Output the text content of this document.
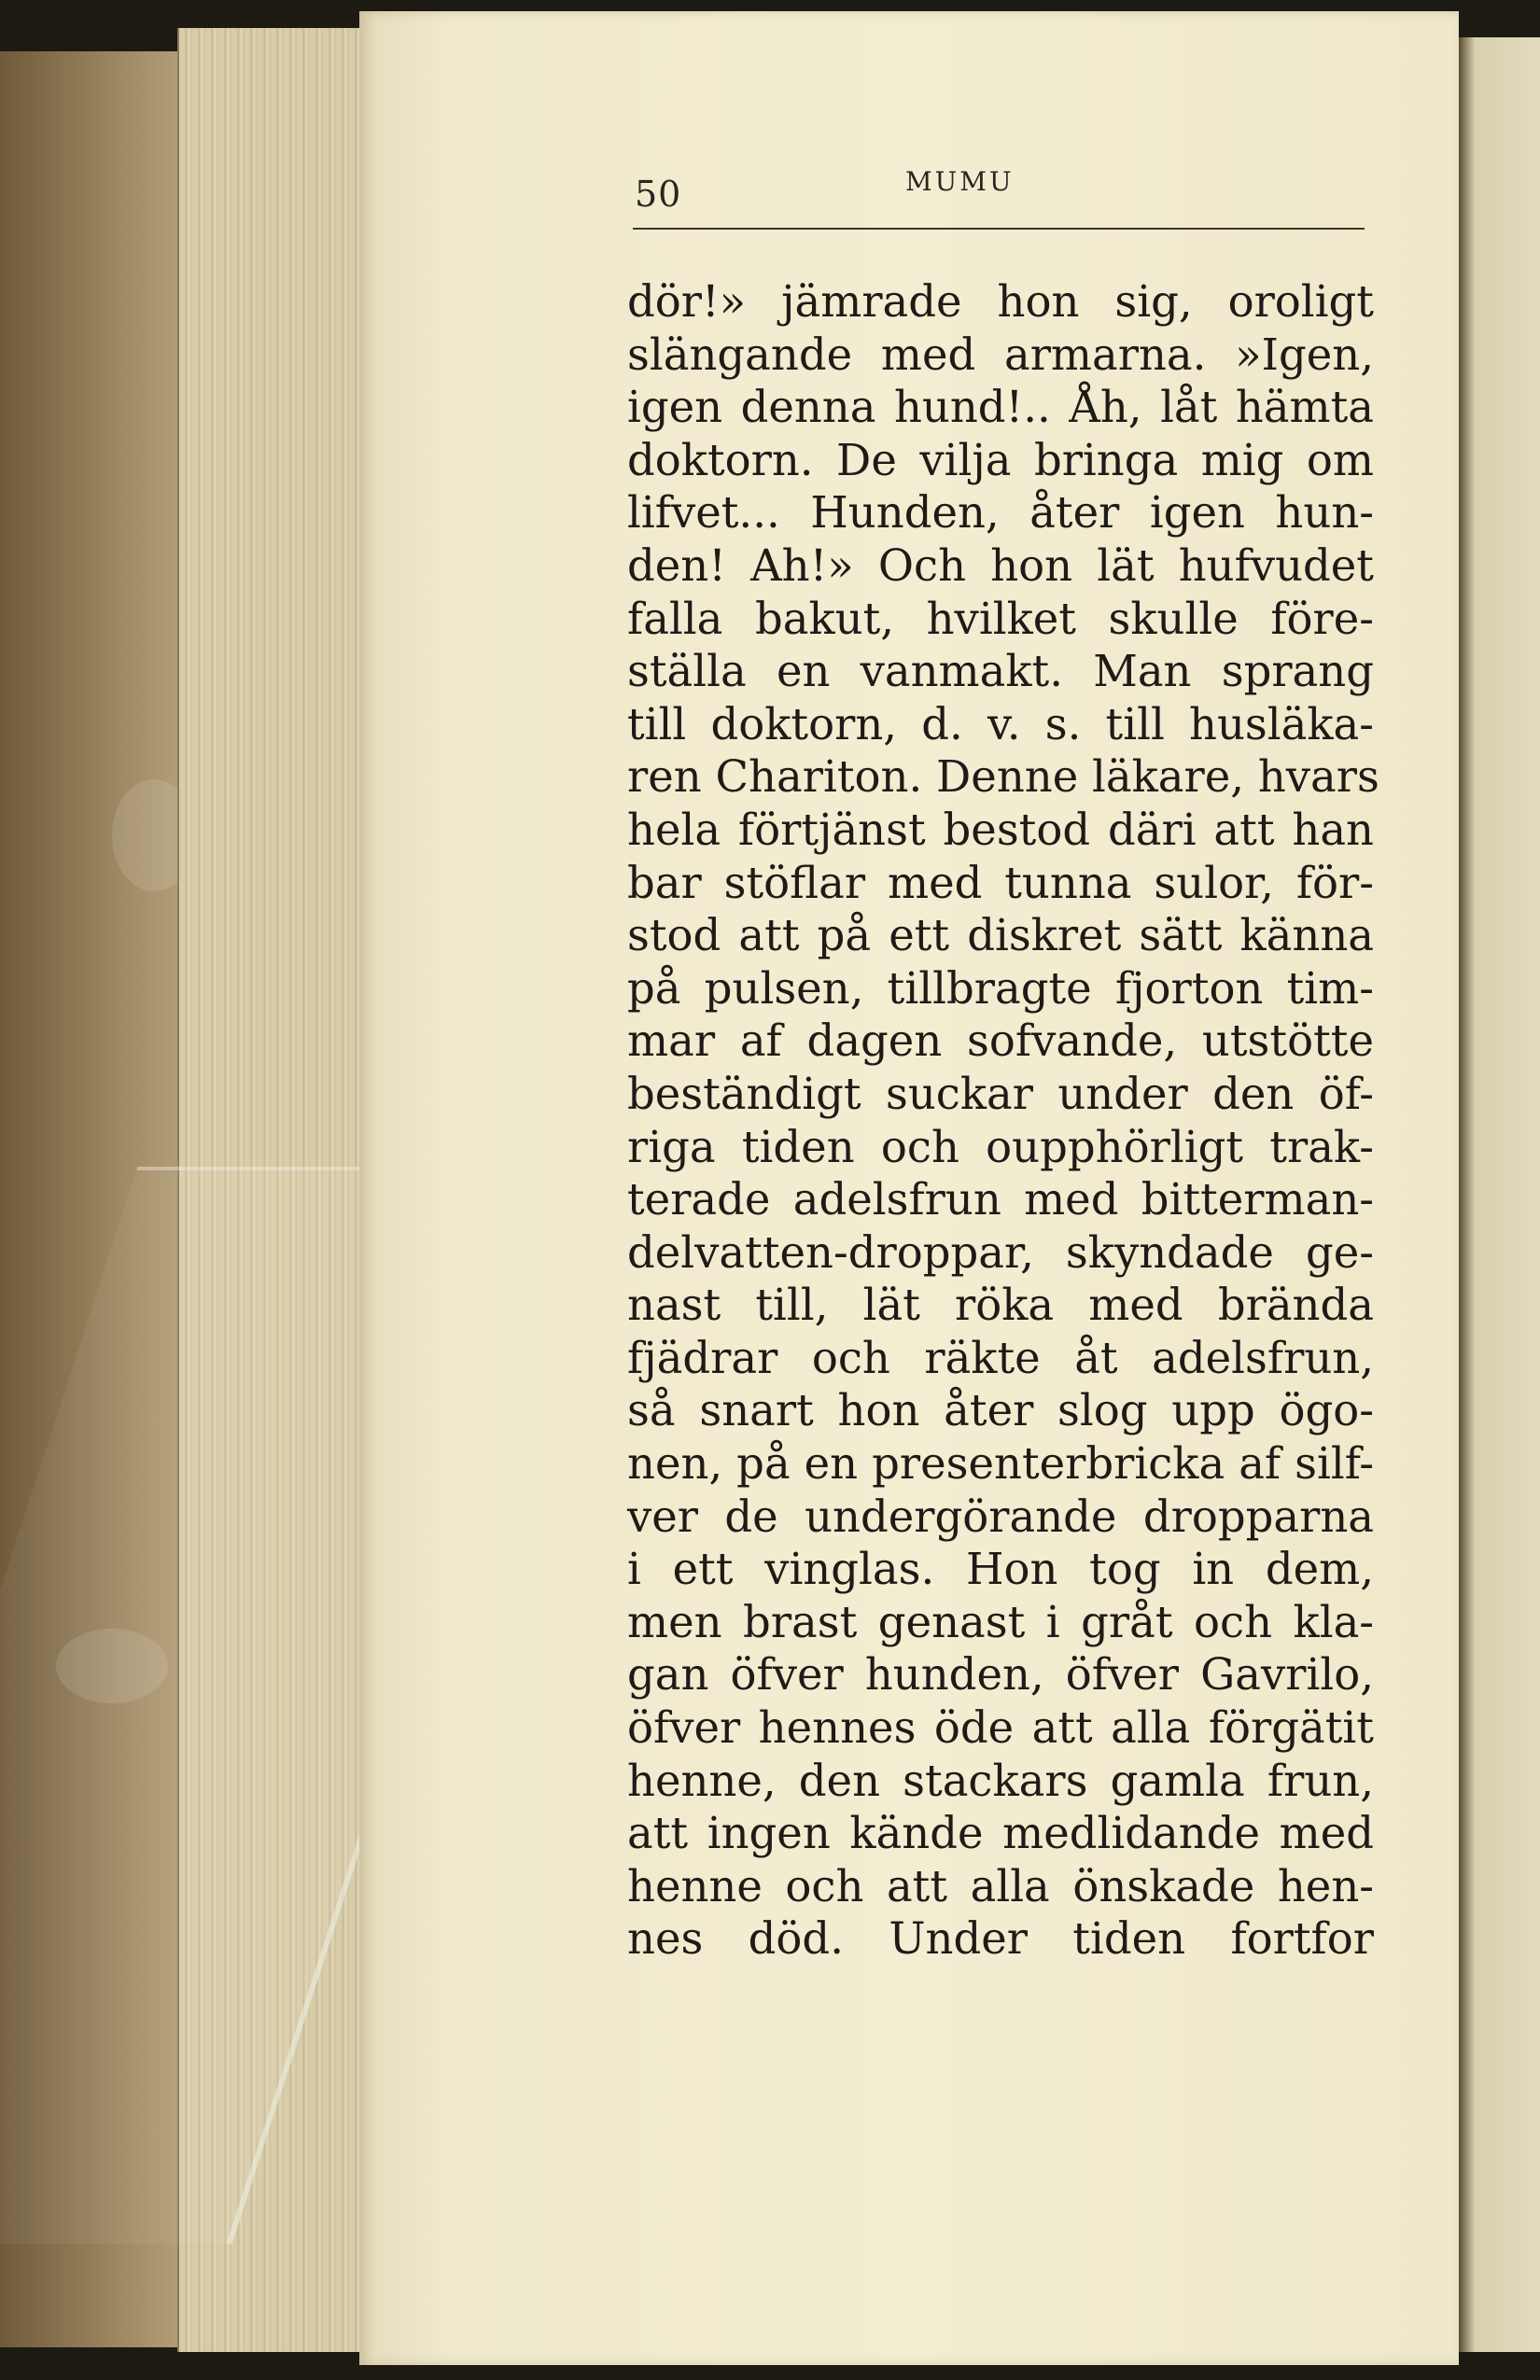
50	MUMU
dör!» jämrade hon sig, oroligt
slängande med armarna. »Igen,
igen denna hund!.. Åh, låt hämta
doktorn. De vilja bringa mig om
lifvet... Hunden, åter igen hun-
den! Ah!» Och hon lät hufvudet
falla bakut, hvilket skulle före-
ställa en vanmakt. Man sprang
till doktorn, d. v. s. till husläka-
ren Chariton. Denne läkare, hvars
hela förtjänst bestod däri att han
bar stöflar med tunna sulor, för-
stod att på ett diskret sätt känna
på pulsen, tillbragte fjorton tim-
mar af dagen sofvande, utstötte
beständigt suckar under den öf-
riga tiden och oupphörligt trak-
terade adelsfrun med bitterman-
delvatten-droppar, skyndade ge-
nast till, lät röka med brända
fjädrar och räkte åt adelsfrun,
så snart hon åter slog upp ögo-
nen, på en presenterbricka af silf-
ver de undergörande dropparna
i ett vinglas. Hon tog in dem,
men brast genast i gråt och kla-
gan öfver hunden, öfver Gavrilo,
öfver hennes öde att alla förgätit
henne, den stackars gamla frun,
att ingen kände medlidande med
henne och att alla önskade hen-
nes död. Under tiden fortfor
